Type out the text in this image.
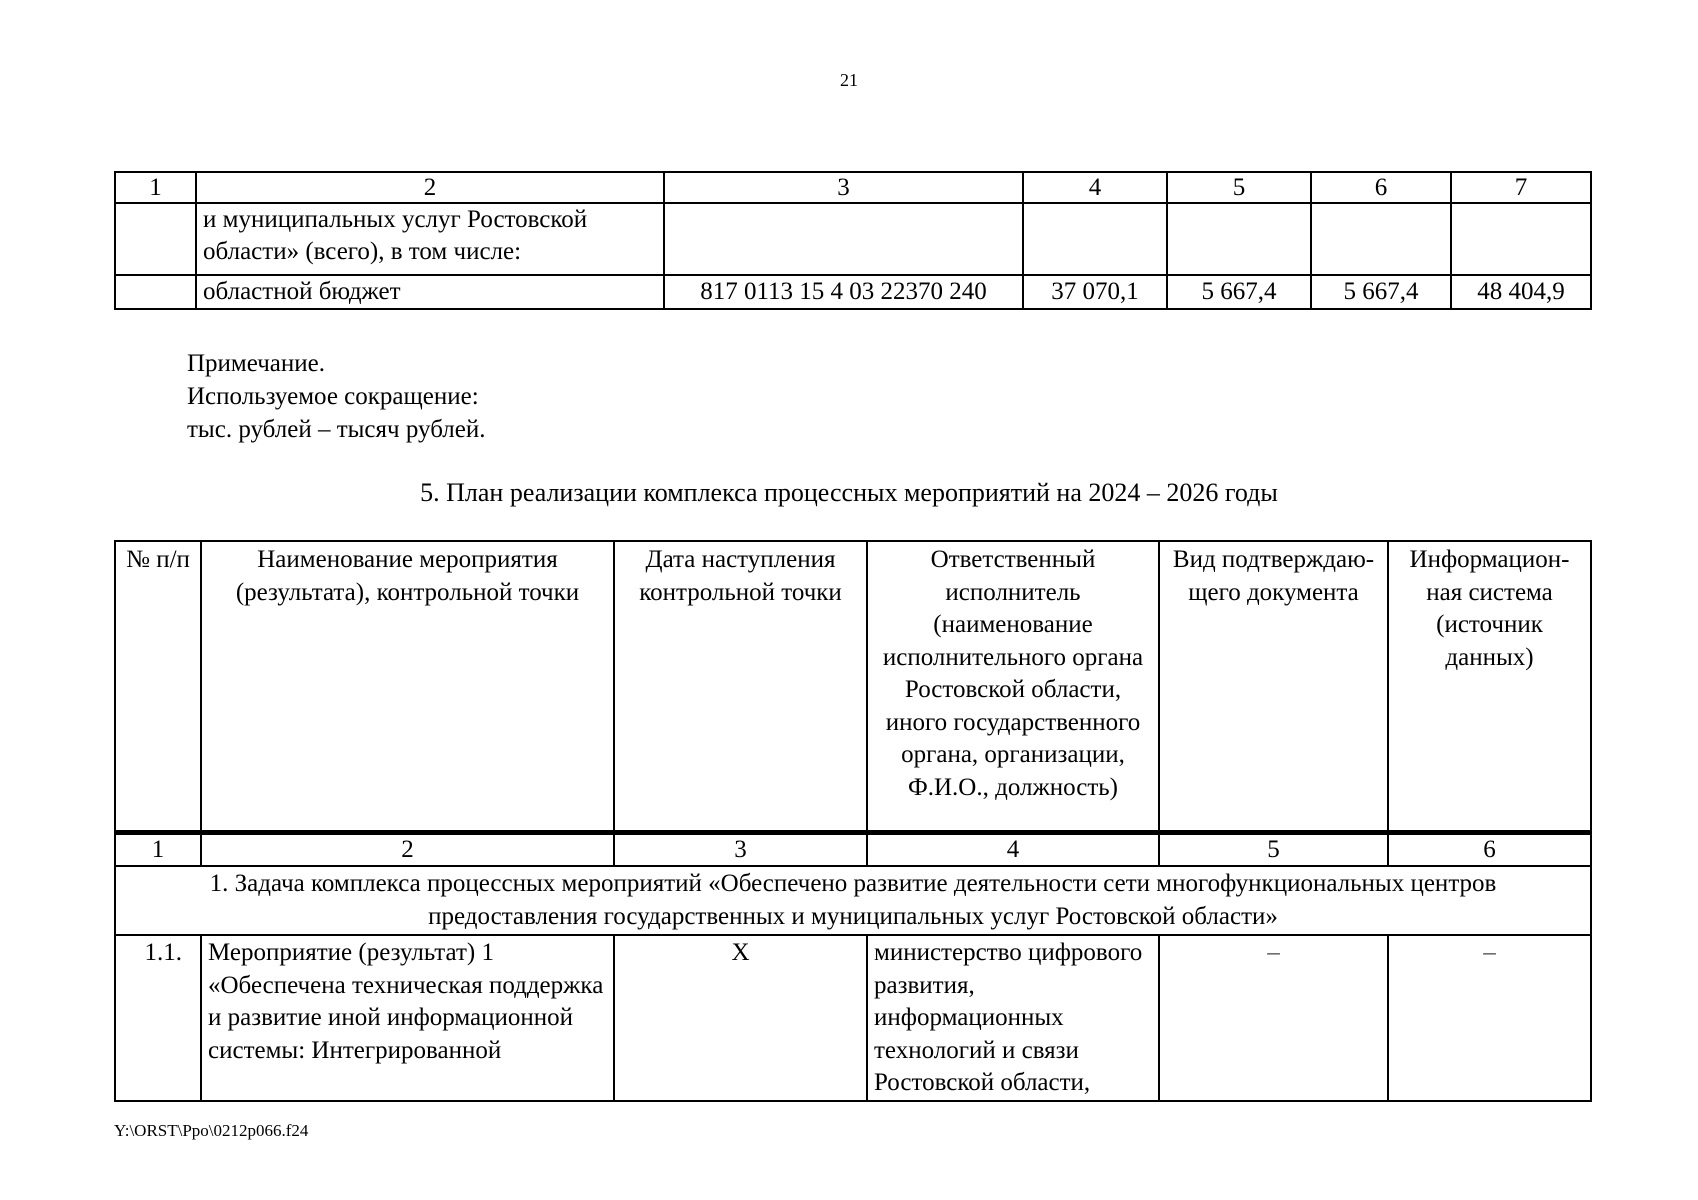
21
1	2	3	4	5	6	7
	и муниципальных услуг Ростовской области» (всего), в том числе:					
	областной бюджет	817 0113 15 4 03 22370 240	37 070,1	5 667,4	5 667,4	48 404,9
Примечание.
Используемое сокращение:
тыс. рублей – тысяч рублей.
5. План реализации комплекса процессных мероприятий на 2024 – 2026 годы
№ п/п	Наименование мероприятия (результата), контрольной точки	Дата наступления контрольной точки	Ответственный исполнитель (наименование исполнительного органа Ростовской области, иного государственного органа, организации, Ф.И.О., должность)	Вид подтверждаю-щего документа	Информацион-ная система (источник данных)
1	2	3	4	5	6
1. Задача комплекса процессных мероприятий «Обеспечено развитие деятельности сети многофункциональных центров предоставления государственных и муниципальных услуг Ростовской области»					
1.1.	Мероприятие (результат) 1 «Обеспечена техническая поддержка и развитие иной информационной системы: Интегрированной	X	министерство цифрового развития, информационных технологий и связи Ростовской области,	–	–
Y:\ORST\Ppo\0212p066.f24
